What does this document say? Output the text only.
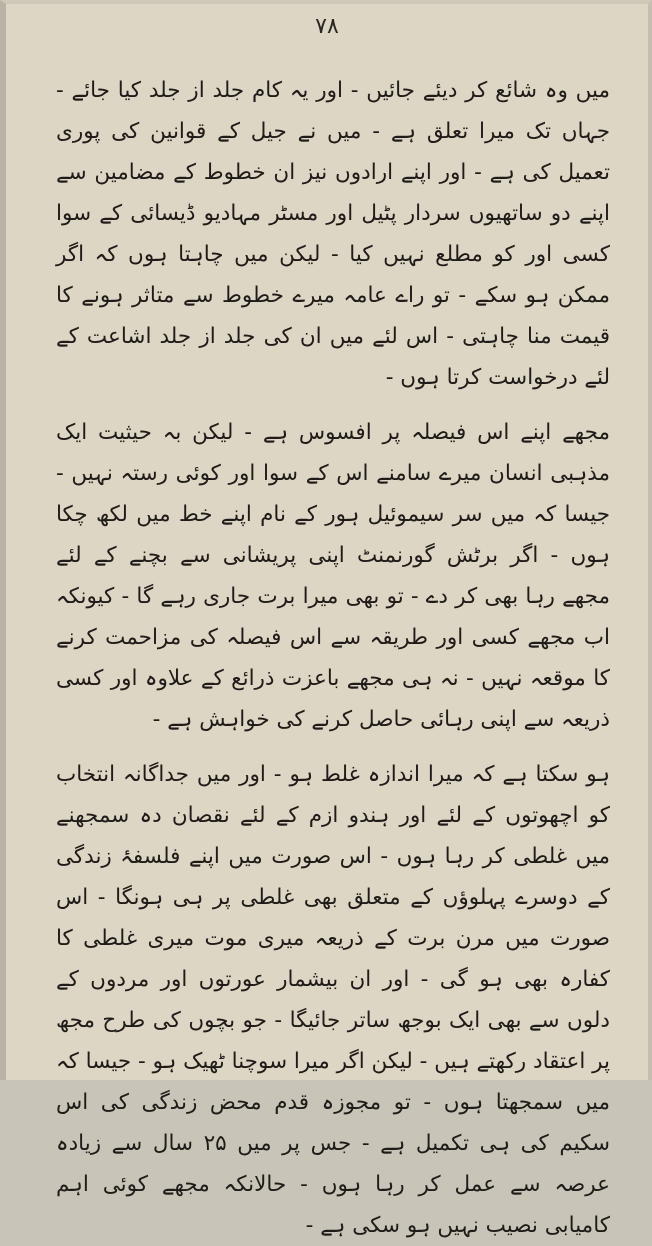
۷۸

میں وہ شائع کر دیئے جائیں - اور یہ کام جلد از جلد کیا جائے - جہاں تک میرا تعلق ہے - میں نے جیل کے قوانین کی پوری تعمیل کی ہے - اور اپنے ارادوں نیز ان خطوط کے مضامین سے اپنے دو ساتھیوں سردار پٹیل اور مسٹر مہادیو ڈیسائی کے سوا کسی اور کو مطلع نہیں کیا - لیکن میں چاہتا ہوں کہ اگر ممکن ہو سکے - تو راے عامہ میرے خطوط سے متاثر ہونے کا قیمت منا چاہتی - اس لئے میں ان کی جلد از جلد اشاعت کے لئے درخواست کرتا ہوں -

مجھے اپنے اس فیصلہ پر افسوس ہے - لیکن بہ حیثیت ایک مذہبی انسان میرے سامنے اس کے سوا اور کوئی رستہ نہیں - جیسا کہ میں سر سیموئیل ہور کے نام اپنے خط میں لکھ چکا ہوں - اگر برٹش گورنمنٹ اپنی پریشانی سے بچنے کے لئے مجھے رہا بھی کر دے - تو بھی میرا برت جاری رہے گا - کیونکہ اب مجھے کسی اور طریقہ سے اس فیصلہ کی مزاحمت کرنے کا موقعہ نہیں - نہ ہی مجھے باعزت ذرائع کے علاوہ اور کسی ذریعہ سے اپنی رہائی حاصل کرنے کی خواہش ہے -

ہو سکتا ہے کہ میرا اندازہ غلط ہو - اور میں جداگانہ انتخاب کو اچھوتوں کے لئے اور ہندو ازم کے لئے نقصان دہ سمجھنے میں غلطی کر رہا ہوں - اس صورت میں اپنے فلسفۂ زندگی کے دوسرے پہلوؤں کے متعلق بھی غلطی پر ہی ہونگا - اس صورت میں مرن برت کے ذریعہ میری موت میری غلطی کا کفارہ بھی ہو گی - اور ان بیشمار عورتوں اور مردوں کے دلوں سے بھی ایک بوجھ ساتر جائیگا - جو بچوں کی طرح مجھ پر اعتقاد رکھتے ہیں - لیکن اگر میرا سوچنا ٹھیک ہو - جیسا کہ میں سمجھتا ہوں - تو مجوزہ قدم محض زندگی کی اس سکیم کی ہی تکمیل ہے - جس پر میں ۲۵ سال سے زیادہ عرصہ سے عمل کر رہا ہوں - حالانکہ مجھے کوئی اہم کامیابی نصیب نہیں ہو سکی ہے -
